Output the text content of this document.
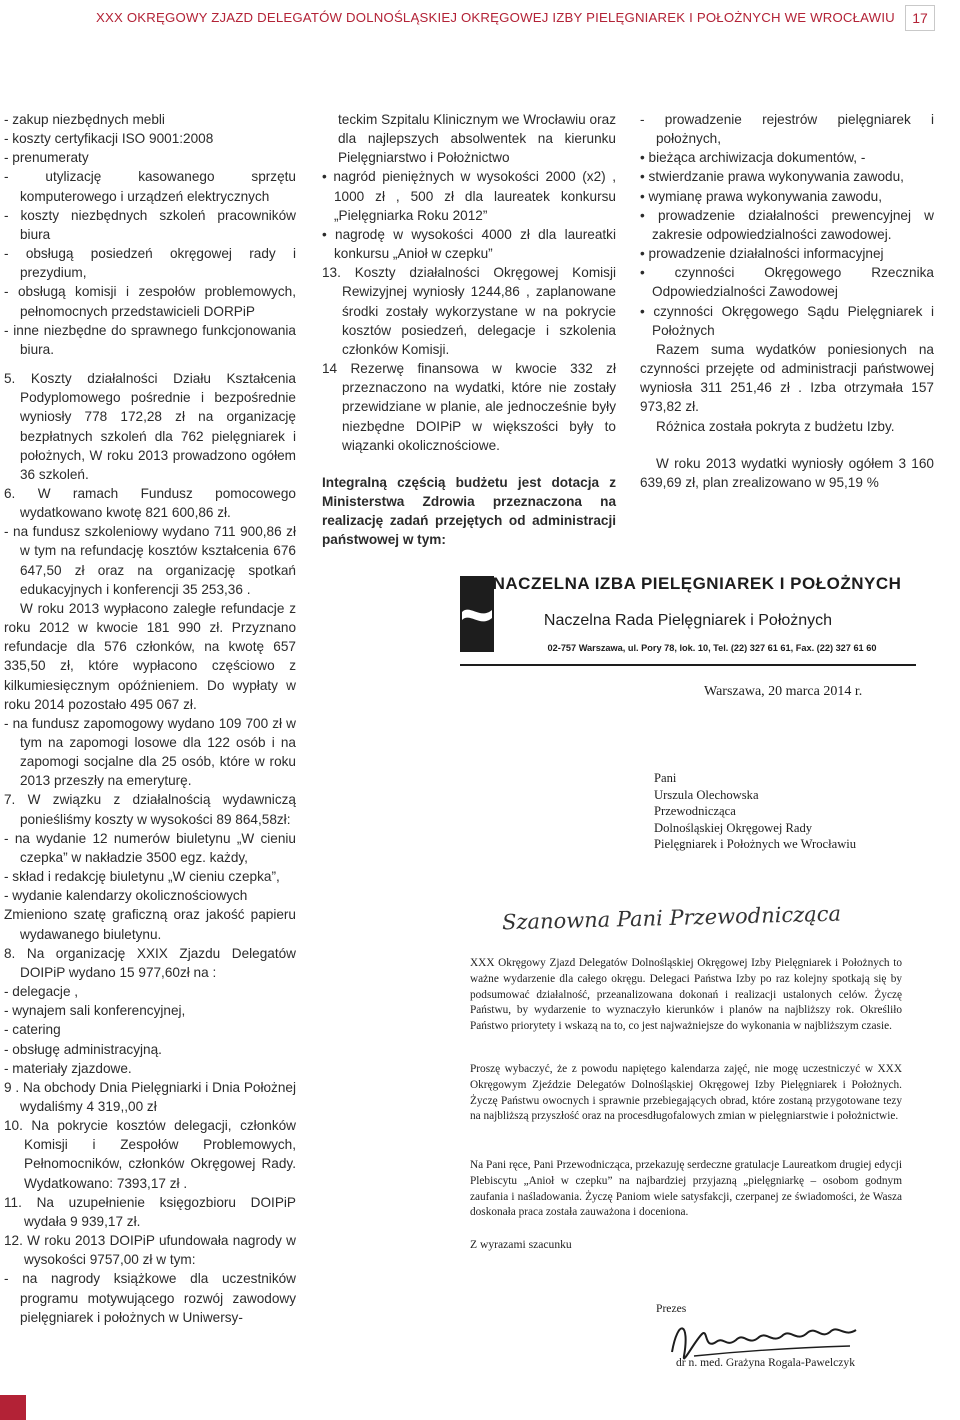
XXX OKRĘGOWY ZJAZD DELEGATÓW DOLNOŚLĄSKIEJ OKRĘGOWEJ IZBY PIELĘGNIAREK I POŁOŻNYCH WE WROCŁAWIU	17

- zakup niezbędnych mebli

- koszty certyfikacji ISO 9001:2008

- prenumeraty

- utylizację kasowanego sprzętu komputerowego i urządzeń elektrycznych

- koszty niezbędnych szkoleń pracowników biura

- obsługą posiedzeń okręgowej rady i prezydium,

- obsługą komisji i zespołów problemowych, pełnomocnych przedstawicieli DORPiP

- inne niezbędne do sprawnego funkcjonowania biura.

5. Koszty działalności Działu Kształcenia Podyplomowego pośrednie i bezpośrednie wyniosły 778 172,28 zł na organizację bezpłatnych szkoleń dla 762 pielęgniarek i położnych, W roku 2013 prowadzono ogółem 36 szkoleń.

6. W ramach Fundusz pomocowego wydatkowano kwotę 821 600,86 zł.

- na fundusz szkoleniowy wydano 711 900,86 zł w tym na refundację kosztów kształcenia 676 647,50 zł oraz na organizację spotkań edukacyjnych i konferencji 35 253,36 .

W roku 2013 wypłacono zaległe refundacje z roku 2012 w kwocie 181 990 zł. Przyznano refundacje dla 576 członków, na kwotę 657 335,50 zł, które wypłacono częściowo z kilkumiesięcznym opóźnieniem. Do wypłaty w roku 2014 pozostało 495 067 zł.

- na fundusz zapomogowy wydano 109 700 zł w tym na zapomogi losowe dla 122 osób i na zapomogi socjalne dla 25 osób, które w roku 2013 przeszły na emeryturę.

7. W związku z działalnością wydawniczą ponieśliśmy koszty w wysokości 89 864,58zł:

- na wydanie 12 numerów biuletynu „W cieniu czepka” w nakładzie 3500 egz. każdy,

- skład i redakcję biuletynu „W cieniu czepka”,

- wydanie kalendarzy okolicznościowych

Zmieniono szatę graficzną oraz jakość papieru wydawanego biuletynu.

8. Na organizację XXIX Zjazdu Delegatów DOIPiP wydano 15 977,60zł na :

- delegacje ,

- wynajem sali konferencyjnej,

- catering

- obsługę administracyjną.

- materiały zjazdowe.

9 . Na obchody Dnia Pielęgniarki i Dnia Położnej wydaliśmy 4 319,,00 zł

10. Na pokrycie kosztów delegacji, członków Komisji i Zespołów Problemowych, Pełnomocników, członków Okręgowej Rady. Wydatkowano: 7393,17 zł .

11. Na uzupełnienie księgozbioru DOIPiP wydała 9 939,17 zł.

12. W roku 2013 DOIPiP ufundowała nagrody w wysokości 9757,00 zł w tym:

- na nagrody książkowe dla uczestników programu motywującego rozwój zawodowy pielęgniarek i położnych w Uniwersy-

teckim Szpitalu Klinicznym we Wrocławiu oraz dla najlepszych absolwentek na kierunku Pielęgniarstwo i Położnictwo

• nagród pieniężnych w wysokości 2000 (x2) , 1000 zł , 500 zł dla laureatek konkursu „Pielęgniarka Roku 2012”

• nagrodę w wysokości 4000 zł dla laureatki konkursu „Anioł w czepku”

13. Koszty działalności Okręgowej Komisji Rewizyjnej wyniosły 1244,86 , zaplanowane środki zostały wykorzystane w na pokrycie kosztów posiedzeń, delegacje i szkolenia członków Komisji.

14 Rezerwę finansowa w kwocie 332 zł przeznaczono na wydatki, które nie zostały przewidziane w planie, ale jednocześnie były niezbędne DOIPiP w większości były to wiązanki okolicznościowe.

Integralną częścią budżetu jest dotacja z Ministerstwa Zdrowia przeznaczona na realizację zadań przejętych od administracji państwowej w tym:

- prowadzenie rejestrów pielęgniarek i położnych,

• bieżąca archiwizacja dokumentów, -

• stwierdzanie prawa wykonywania zawodu,

• wymianę prawa wykonywania zawodu,

• prowadzenie działalności prewencyjnej w zakresie odpowiedzialności zawodowej.

• prowadzenie działalności informacyjnej

• czynności Okręgowego Rzecznika Odpowiedzialności Zawodowej

• czynności Okręgowego Sądu Pielęgniarek i Położnych

Razem suma wydatków poniesionych na czynności przejęte od administracji państwowej wyniosła 311 251,46 zł . Izba otrzymała 157 973,82 zł.

Różnica została pokryta z budżetu Izby.

W roku 2013 wydatki wyniosły ogółem 3 160 639,69 zł, plan zrealizowano w 95,19 %

NACZELNA IZBA PIELĘGNIAREK I POŁOŻNYCH
Naczelna Rada Pielęgniarek i Położnych
02-757 Warszawa, ul. Pory 78, lok. 10, Tel. (22) 327 61 61, Fax. (22) 327 61 60
Warszawa, 20 marca 2014 r.
Pani
Urszula Olechowska
Przewodnicząca
Dolnośląskiej Okręgowej Rady
Pielęgniarek i Położnych we Wrocławiu
Szanowna Pani Przewodnicząca

XXX Okręgowy Zjazd Delegatów Dolnośląskiej Okręgowej Izby Pielęgniarek i Położnych to ważne wydarzenie dla całego okręgu. Delegaci Państwa Izby po raz kolejny spotkają się by podsumować działalność, przeanalizowana dokonań i realizacji ustalonych celów. Życzę Państwu, by wydarzenie to wyznaczyło kierunków i planów na najbliższy rok. Określiło Państwo priorytety i wskazą na to, co jest najważniejsze do wykonania w najbliższym czasie.

Proszę wybaczyć, że z powodu napiętego kalendarza zajęć, nie mogę uczestniczyć w XXX Okręgowym Zjeździe Delegatów Dolnośląskiej Okręgowej Izby Pielęgniarek i Położnych. Życzę Państwu owocnych i sprawnie przebiegających obrad, które zostaną przygotowane tezy na najbliższą przyszłość oraz na procesdługofalowych zmian w pielęgniarstwie i położnictwie.

Na Pani ręce, Pani Przewodnicząca, przekazuję serdeczne gratulacje Laureatkom drugiej edycji Plebiscytu „Anioł w czepku” na najbardziej przyjazną „pielęgniarkę – osobom godnym zaufania i naśladowania. Życzę Paniom wiele satysfakcji, czerpanej ze świadomości, że Wasza doskonała praca została zauważona i doceniona.

Z wyrazami szacunku
Prezes
dr n. med. Grażyna Rogala-Pawelczyk
